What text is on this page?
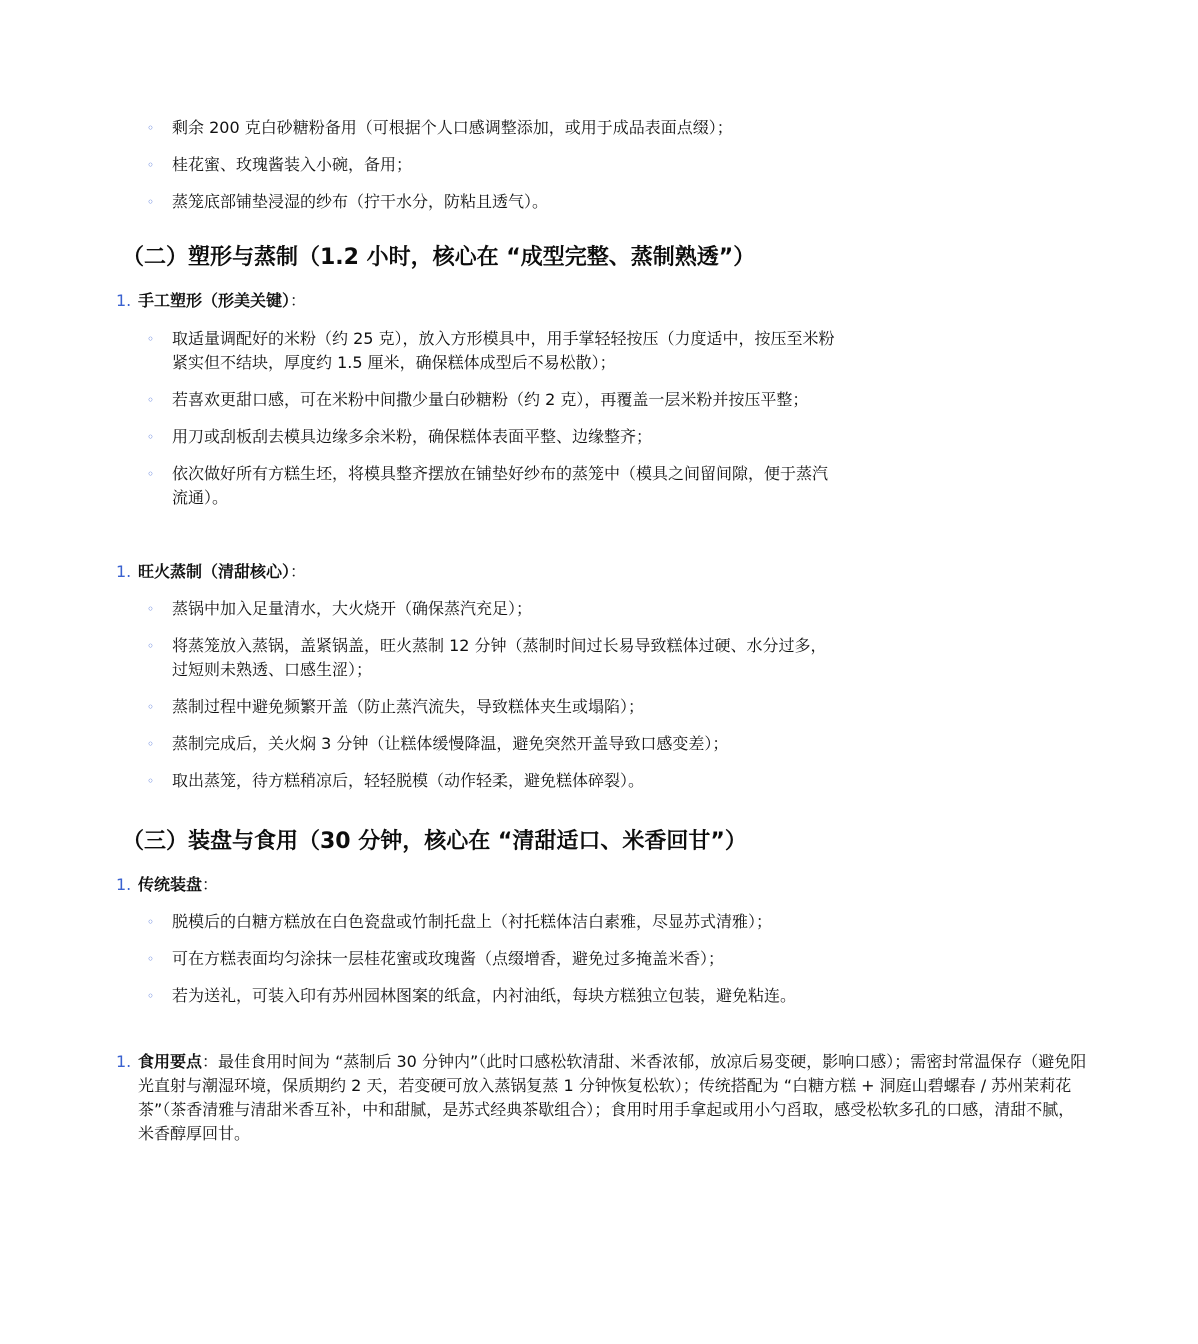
◦ 剩余 200 克白砂糖粉备用（可根据个人口感调整添加，或用于成品表面点缀）；
◦ 桂花蜜、玫瑰酱装入小碗，备用；
◦ 蒸笼底部铺垫浸湿的纱布（拧干水分，防粘且透气）。
（二）塑形与蒸制（1.2 小时，核心在 “成型完整、蒸制熟透”）
1. 手工塑形（形美关键）：
◦ 取适量调配好的米粉（约 25 克），放入方形模具中，用手掌轻轻按压（力度适中，按压至米粉紧实但不结块，厚度约 1.5 厘米，确保糕体成型后不易松散）；
◦ 若喜欢更甜口感，可在米粉中间撒少量白砂糖粉（约 2 克），再覆盖一层米粉并按压平整；
◦ 用刀或刮板刮去模具边缘多余米粉，确保糕体表面平整、边缘整齐；
◦ 依次做好所有方糕生坯，将模具整齐摆放在铺垫好纱布的蒸笼中（模具之间留间隙，便于蒸汽流通）。
1. 旺火蒸制（清甜核心）：
◦ 蒸锅中加入足量清水，大火烧开（确保蒸汽充足）；
◦ 将蒸笼放入蒸锅，盖紧锅盖，旺火蒸制 12 分钟（蒸制时间过长易导致糕体过硬、水分过多，过短则未熟透、口感生涩）；
◦ 蒸制过程中避免频繁开盖（防止蒸汽流失，导致糕体夹生或塌陷）；
◦ 蒸制完成后，关火焖 3 分钟（让糕体缓慢降温，避免突然开盖导致口感变差）；
◦ 取出蒸笼，待方糕稍凉后，轻轻脱模（动作轻柔，避免糕体碎裂）。
（三）装盘与食用（30 分钟，核心在 “清甜适口、米香回甘”）
1. 传统装盘：
◦ 脱模后的白糖方糕放在白色瓷盘或竹制托盘上（衬托糕体洁白素雅，尽显苏式清雅）；
◦ 可在方糕表面均匀涂抹一层桂花蜜或玫瑰酱（点缀增香，避免过多掩盖米香）；
◦ 若为送礼，可装入印有苏州园林图案的纸盒，内衬油纸，每块方糕独立包装，避免粘连。
1. 食用要点：最佳食用时间为 “蒸制后 30 分钟内”（此时口感松软清甜、米香浓郁，放凉后易变硬，影响口感）；需密封常温保存（避免阳光直射与潮湿环境，保质期约 2 天，若变硬可放入蒸锅复蒸 1 分钟恢复松软）；传统搭配为 “白糖方糕 + 洞庭山碧螺春 / 苏州茉莉花茶”（茶香清雅与清甜米香互补，中和甜腻，是苏式经典茶歇组合）；食用时用手拿起或用小勺舀取，感受松软多孔的口感，清甜不腻，米香醇厚回甘。
